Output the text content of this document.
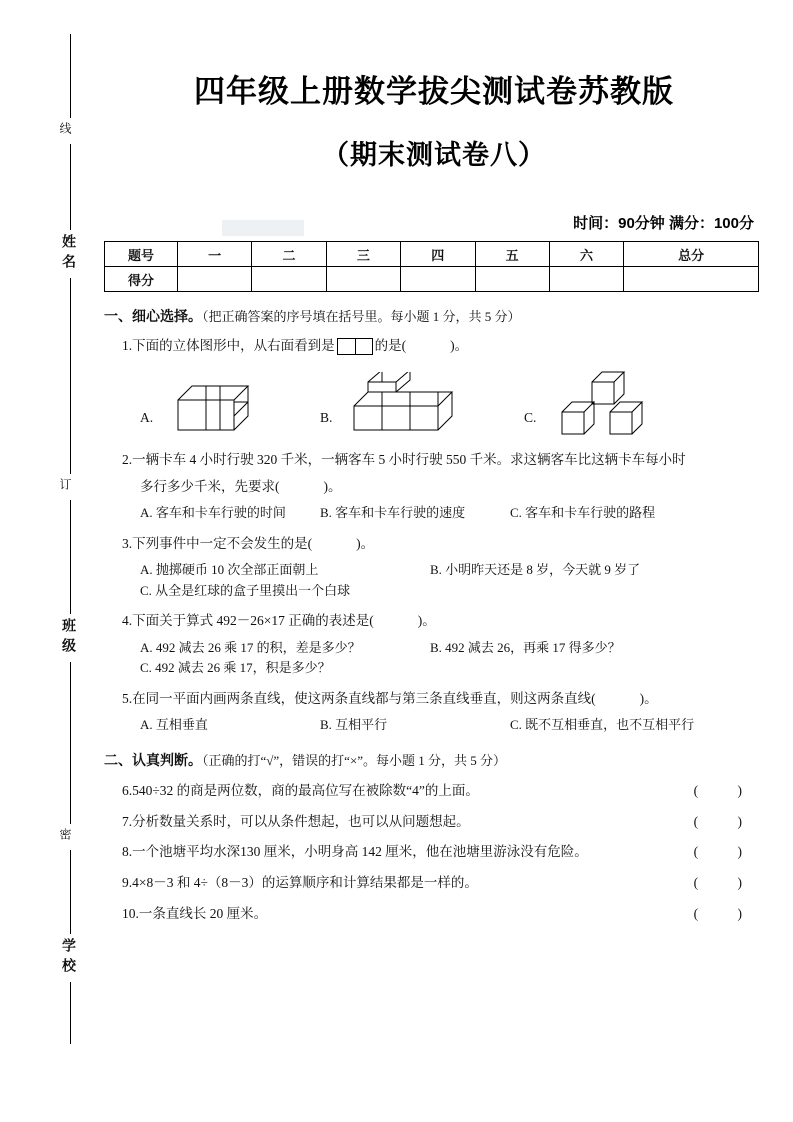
线
姓名
订
班级
密
学校
四年级上册数学拔尖测试卷苏教版
（期末测试卷八）
时间：90分钟 满分：100分
题号	一	二	三	四	五	六	总分
得分							
一、细心选择。（把正确答案的序号填在括号里。每小题 1 分，共 5 分）
1.下面的立体图形中，从右面看到是	的是(	)。
A.	B.	C.
2.一辆卡车 4 小时行驶 320 千米，一辆客车 5 小时行驶 550 千米。求这辆客车比这辆卡车每小时
多行多少千米，先要求(	)。
A. 客车和卡车行驶的时间	B. 客车和卡车行驶的速度	C. 客车和卡车行驶的路程
3.下列事件中一定不会发生的是(	)。
A. 抛掷硬币 10 次全部正面朝上	B. 小明昨天还是 8 岁，今天就 9 岁了
C. 从全是红球的盒子里摸出一个白球
4.下面关于算式 492－26×17 正确的表述是(	)。
A. 492 减去 26 乘 17 的积，差是多少？	B. 492 减去 26，再乘 17 得多少？
C. 492 减去 26 乘 17，积是多少？
5.在同一平面内画两条直线，使这两条直线都与第三条直线垂直，则这两条直线(	)。
A. 互相垂直	B. 互相平行	C. 既不互相垂直，也不互相平行
二、认真判断。（正确的打“√”，错误的打“×”。每小题 1 分，共 5 分）
6.540÷32 的商是两位数，商的最高位写在被除数“4”的上面。	( )
7.分析数量关系时，可以从条件想起，也可以从问题想起。	( )
8.一个池塘平均水深130 厘米，小明身高 142 厘米，他在池塘里游泳没有危险。	( )
9.4×8－3 和 4÷（8－3）的运算顺序和计算结果都是一样的。	( )
10.一条直线长 20 厘米。	( )
